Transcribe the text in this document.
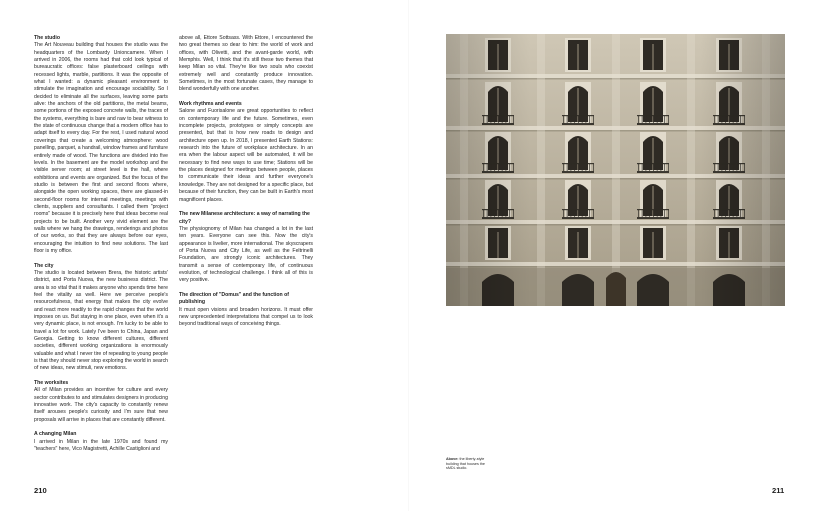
The studio

The Art Nouveau building that houses the studio was the headquarters of the Lombardy Unioncamere. When I arrived in 2006, the rooms had that cold look typical of bureaucratic offices: false plasterboard ceilings with recessed lights, marble, partitions. It was the opposite of what I wanted: a dynamic pleasant environment to stimulate the imagination and encourage sociability. So I decided to eliminate all the surfaces, leaving some parts alive: the anchors of the old partitions, the metal beams, some portions of the exposed concrete walls, the traces of the systems, everything is bare and raw to bear witness to the state of continuous change that a modern office has to adapt itself to every day. For the rest, I used natural wood coverings that create a welcoming atmosphere: wood panelling, parquet, a handrail, window frames and furniture entirely made of wood. The functions are divided into five levels. In the basement are the model workshop and the visible server room; at street level is the hall, where exhibitions and events are organized. But the focus of the studio is between the first and second floors where, alongside the open working spaces, there are glassed-in second-floor rooms for internal meetings, meetings with clients, suppliers and consultants. I called them "project rooms" because it is precisely here that ideas become real projects to be built. Another very vivid element are the walls where we hang the drawings, renderings and photos of our works, so that they are always before our eyes, encouraging the intuition to find new solutions. The last floor is my office.

The city

The studio is located between Brera, the historic artists' district, and Porta Nuova, the new business district. The area is so vital that it makes anyone who spends time here feel the vitality as well. Here we perceive people's resourcefulness, that energy that makes the city evolve and react more readily to the rapid changes that the world imposes on us. But staying in one place, even when it's a very dynamic place, is not enough. I'm lucky to be able to travel a lot for work. Lately I've been to China, Japan and Georgia. Getting to know different cultures, different societies, different working organizations is enormously valuable and what I never tire of repeating to young people is that they should never stop exploring the world in search of new ideas, new stimuli, new emotions.

The worksites

All of Milan provides an incentive for culture and every sector contributes to and stimulates designers in producing innovative work. The city's capacity to constantly renew itself arouses people's curiosity and I'm sure that new proposals will arrive in places that are constantly different.

A changing Milan

I arrived in Milan in the late 1970s and found my "teachers" here, Vico Magistretti, Achille Castiglioni and

above all, Ettore Sottsass. With Ettore, I encountered the two great themes so dear to him: the world of work and offices, with Olivetti, and the avant-garde world, with Memphis. Well, I think that it's still these two themes that keep Milan so vital. They're like two souls who coexist extremely well and constantly produce innovation. Sometimes, in the most fortunate cases, they manage to blend wonderfully with one another.

Work rhythms and events

Salone and Fuorisalone are great opportunities to reflect on contemporary life and the future. Sometimes, even incomplete projects, prototypes or simply concepts are presented, but that is how new roads to design and architecture open up. In 2018, I presented Earth Stations: research into the future of workplace architecture. In an era when the labour aspect will be automated, it will be necessary to find new ways to use time; Stations will be the places designed for meetings between people, places to communicate their ideas and further everyone's knowledge. They are not designed for a specific place, but because of their function, they can be built in Earth's most magnificent places.

The new Milanese architecture: a way of narrating the city?

The physiognomy of Milan has changed a lot in the last ten years. Everyone can see this. Now the city's appearance is livelier, more international. The skyscrapers of Porta Nuova and City Life, as well as the Feltrinelli Foundation, are strongly iconic architectures. They transmit a sense of contemporary life, of continuous evolution, of technological challenge. I think all of this is very positive.

The direction of "Domus" and the function of publishing

It must open visions and broaden horizons. It must offer new unprecedented interpretations that compel us to look beyond traditional ways of conceiving things.

210
Above: the liberty-style building that houses the sMDL studio.
211
